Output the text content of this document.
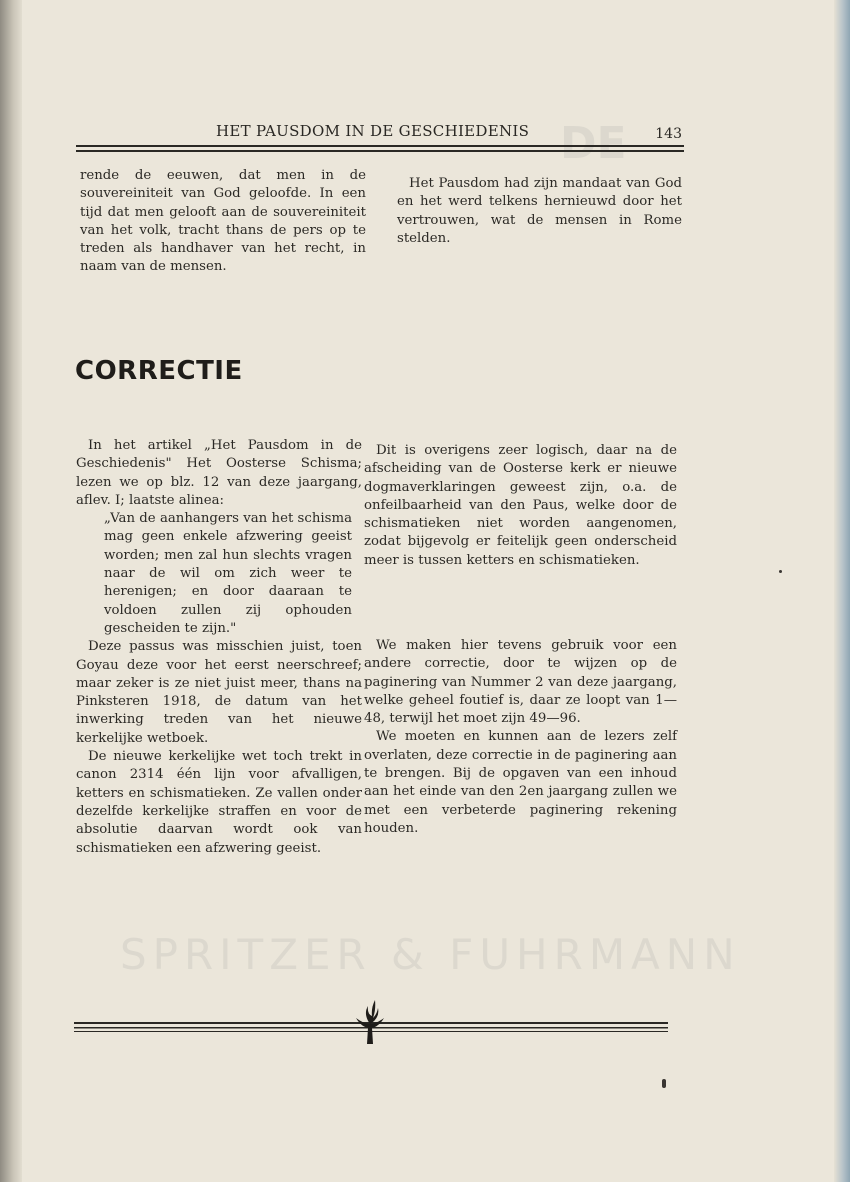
DE
SPRITZER & FUHRMANN
HET PAUSDOM IN DE GESCHIEDENIS	143

rende de eeuwen, dat men in de souvereiniteit van God geloofde. In een tijd dat men gelooft aan de souvereiniteit van het volk, tracht thans de pers op te treden als handhaver van het recht, in naam van de mensen.

Het Pausdom had zijn mandaat van God en het werd telkens hernieuwd door het vertrouwen, wat de mensen in Rome stelden.

CORRECTIE

In het artikel „Het Pausdom in de Geschiedenis" Het Oosterse Schisma; lezen we op blz. 12 van deze jaargang, aflev. I; laatste alinea:

„Van de aanhangers van het schisma mag geen enkele afzwering geeist worden; men zal hun slechts vragen naar de wil om zich weer te herenigen; en door daaraan te voldoen zullen zij ophouden gescheiden te zijn."

Deze passus was misschien juist, toen Goyau deze voor het eerst neerschreef; maar zeker is ze niet juist meer, thans na Pinksteren 1918, de datum van het inwerking treden van het nieuwe kerkelijke wetboek.

De nieuwe kerkelijke wet toch trekt in canon 2314 één lijn voor afvalligen, ketters en schismatieken. Ze vallen onder dezelfde kerkelijke straffen en voor de absolutie daarvan wordt ook van schismatieken een afzwering geeist.

Dit is overigens zeer logisch, daar na de afscheiding van de Oosterse kerk er nieuwe dogmaverklaringen geweest zijn, o.a. de onfeilbaarheid van den Paus, welke door de schismatieken niet worden aangenomen, zodat bijgevolg er feitelijk geen onderscheid meer is tussen ketters en schismatieken.

We maken hier tevens gebruik voor een andere correctie, door te wijzen op de paginering van Nummer 2 van deze jaargang, welke geheel foutief is, daar ze loopt van 1—48, terwijl het moet zijn 49—96.

We moeten en kunnen aan de lezers zelf overlaten, deze correctie in de paginering aan te brengen. Bij de opgaven van een inhoud aan het einde van den 2en jaargang zullen we met een verbeterde paginering rekening houden.
